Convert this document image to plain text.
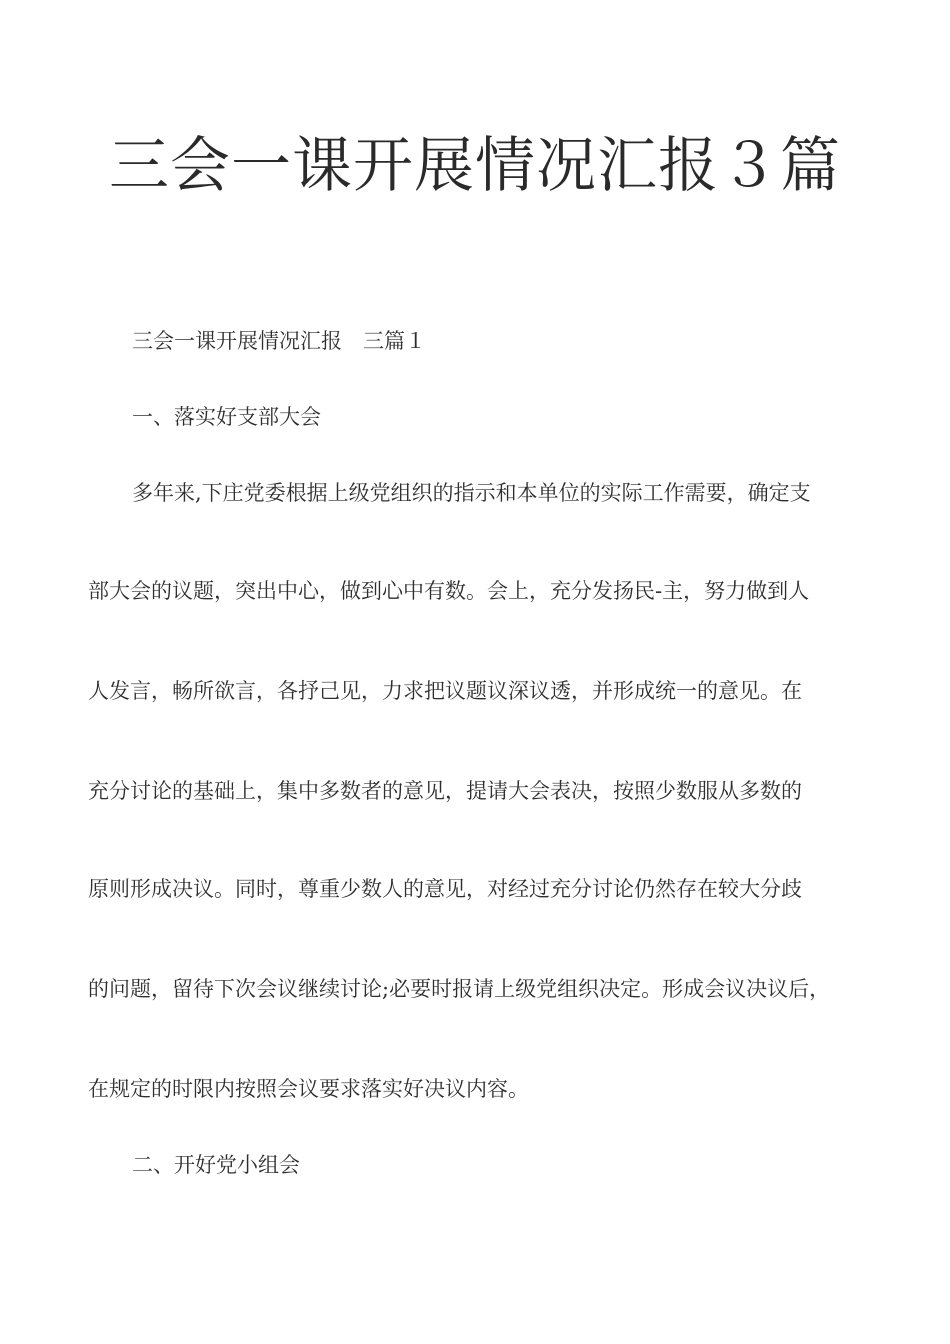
三会一课开展情况汇报３篇
三会一课开展情况汇报　三篇１
一、落实好支部大会
多年来,下庄党委根据上级党组织的指示和本单位的实际工作需要，确定支
部大会的议题，突出中心，做到心中有数。会上，充分发扬民-主，努力做到人
人发言，畅所欲言，各抒己见，力求把议题议深议透，并形成统一的意见。在
充分讨论的基础上，集中多数者的意见，提请大会表决，按照少数服从多数的
原则形成决议。同时，尊重少数人的意见，对经过充分讨论仍然存在较大分歧
的问题，留待下次会议继续讨论;必要时报请上级党组织决定。形成会议决议后，
在规定的时限内按照会议要求落实好决议内容。
二、开好党小组会
